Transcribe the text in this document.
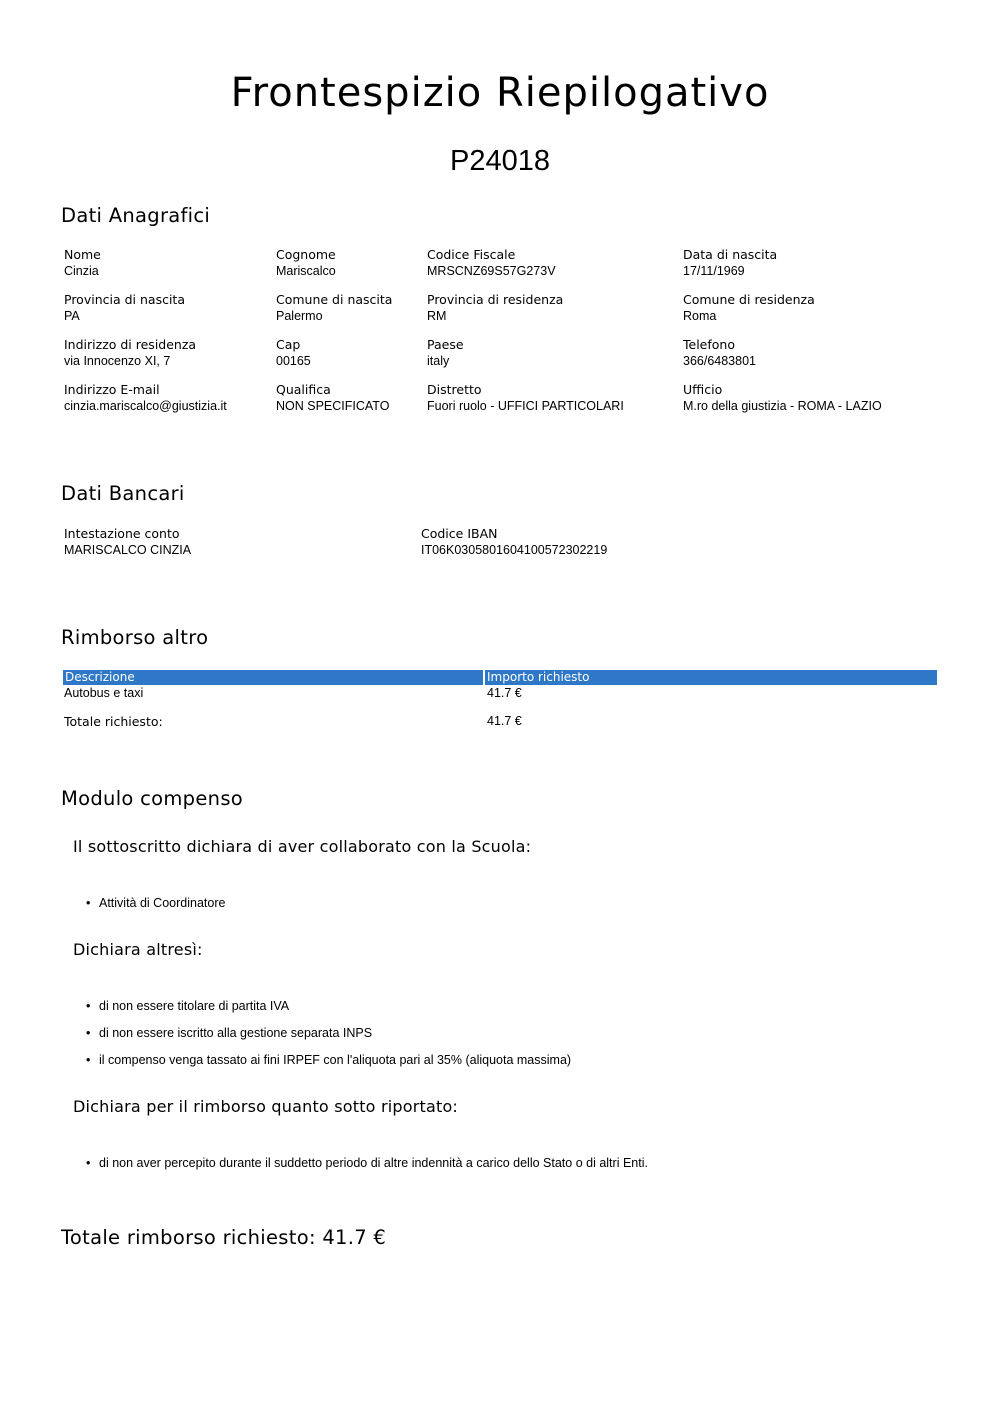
Frontespizio Riepilogativo
P24018
Dati Anagrafici
Nome
Cinzia
Cognome
Mariscalco
Codice Fiscale
MRSCNZ69S57G273V
Data di nascita
17/11/1969
Provincia di nascita
PA
Comune di nascita
Palermo
Provincia di residenza
RM
Comune di residenza
Roma
Indirizzo di residenza
via Innocenzo XI, 7
Cap
00165
Paese
italy
Telefono
366/6483801
Indirizzo E-mail
cinzia.mariscalco@giustizia.it
Qualifica
NON SPECIFICATO
Distretto
Fuori ruolo - UFFICI PARTICOLARI
Ufficio
M.ro della giustizia - ROMA - LAZIO
Dati Bancari
Intestazione conto
MARISCALCO CINZIA
Codice IBAN
IT06K0305801604100572302219
Rimborso altro
Descrizione	Importo richiesto
Autobus e taxi	41.7 €
Totale richiesto:	41.7 €
Modulo compenso
Il sottoscritto dichiara di aver collaborato con la Scuola:
• Attività di Coordinatore
Dichiara altresì:
• di non essere titolare di partita IVA
• di non essere iscritto alla gestione separata INPS
• il compenso venga tassato ai fini IRPEF con l'aliquota pari al 35% (aliquota massima)
Dichiara per il rimborso quanto sotto riportato:
• di non aver percepito durante il suddetto periodo di altre indennità a carico dello Stato o di altri Enti.
Totale rimborso richiesto: 41.7 €
